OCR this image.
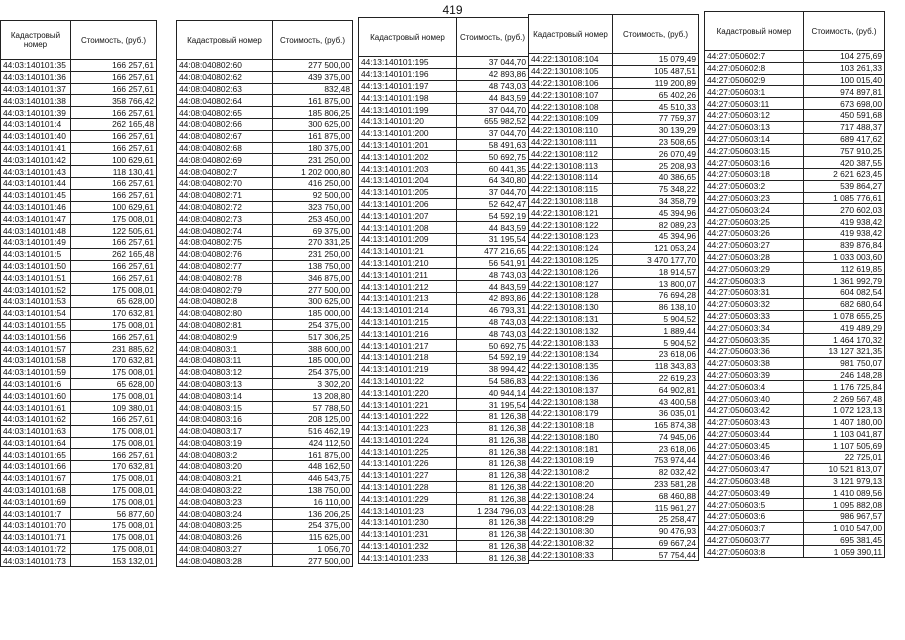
419
Кадастровый номер	Стоимость, (руб.)
44:03:140101:35	166 257,61
44:03:140101:36	166 257,61
44:03:140101:37	166 257,61
44:03:140101:38	358 766,42
44:03:140101:39	166 257,61
44:03:140101:4	262 165,48
44:03:140101:40	166 257,61
44:03:140101:41	166 257,61
44:03:140101:42	100 629,61
44:03:140101:43	118 130,41
44:03:140101:44	166 257,61
44:03:140101:45	166 257,61
44:03:140101:46	100 629,61
44:03:140101:47	175 008,01
44:03:140101:48	122 505,61
44:03:140101:49	166 257,61
44:03:140101:5	262 165,48
44:03:140101:50	166 257,61
44:03:140101:51	166 257,61
44:03:140101:52	175 008,01
44:03:140101:53	65 628,00
44:03:140101:54	170 632,81
44:03:140101:55	175 008,01
44:03:140101:56	166 257,61
44:03:140101:57	231 885,62
44:03:140101:58	170 632,81
44:03:140101:59	175 008,01
44:03:140101:6	65 628,00
44:03:140101:60	175 008,01
44:03:140101:61	109 380,01
44:03:140101:62	166 257,61
44:03:140101:63	175 008,01
44:03:140101:64	175 008,01
44:03:140101:65	166 257,61
44:03:140101:66	170 632,81
44:03:140101:67	175 008,01
44:03:140101:68	175 008,01
44:03:140101:69	175 008,01
44:03:140101:7	56 877,60
44:03:140101:70	175 008,01
44:03:140101:71	175 008,01
44:03:140101:72	175 008,01
44:03:140101:73	153 132,01
Кадастровый номер	Стоимость, (руб.)
44:08:040802:60	277 500,00
44:08:040802:62	439 375,00
44:08:040802:63	832,48
44:08:040802:64	161 875,00
44:08:040802:65	185 806,25
44:08:040802:66	300 625,00
44:08:040802:67	161 875,00
44:08:040802:68	180 375,00
44:08:040802:69	231 250,00
44:08:040802:7	1 202 000,80
44:08:040802:70	416 250,00
44:08:040802:71	92 500,00
44:08:040802:72	323 750,00
44:08:040802:73	253 450,00
44:08:040802:74	69 375,00
44:08:040802:75	270 331,25
44:08:040802:76	231 250,00
44:08:040802:77	138 750,00
44:08:040802:78	346 875,00
44:08:040802:79	277 500,00
44:08:040802:8	300 625,00
44:08:040802:80	185 000,00
44:08:040802:81	254 375,00
44:08:040802:9	517 306,25
44:08:040803:1	388 600,00
44:08:040803:11	185 000,00
44:08:040803:12	254 375,00
44:08:040803:13	3 302,20
44:08:040803:14	13 208,80
44:08:040803:15	57 788,50
44:08:040803:16	208 125,00
44:08:040803:17	516 462,19
44:08:040803:19	424 112,50
44:08:040803:2	161 875,00
44:08:040803:20	448 162,50
44:08:040803:21	446 543,75
44:08:040803:22	138 750,00
44:08:040803:23	16 110,00
44:08:040803:24	136 206,25
44:08:040803:25	254 375,00
44:08:040803:26	115 625,00
44:08:040803:27	1 056,70
44:08:040803:28	277 500,00
Кадастровый номер	Стоимость, (руб.)
44:13:140101:195	37 044,70
44:13:140101:196	42 893,86
44:13:140101:197	48 743,03
44:13:140101:198	44 843,59
44:13:140101:199	37 044,70
44:13:140101:20	655 982,52
44:13:140101:200	37 044,70
44:13:140101:201	58 491,63
44:13:140101:202	50 692,75
44:13:140101:203	60 441,35
44:13:140101:204	64 340,80
44:13:140101:205	37 044,70
44:13:140101:206	52 642,47
44:13:140101:207	54 592,19
44:13:140101:208	44 843,59
44:13:140101:209	31 195,54
44:13:140101:21	477 216,65
44:13:140101:210	56 541,91
44:13:140101:211	48 743,03
44:13:140101:212	44 843,59
44:13:140101:213	42 893,86
44:13:140101:214	46 793,31
44:13:140101:215	48 743,03
44:13:140101:216	48 743,03
44:13:140101:217	50 692,75
44:13:140101:218	54 592,19
44:13:140101:219	38 994,42
44:13:140101:22	54 586,83
44:13:140101:220	40 944,14
44:13:140101:221	31 195,54
44:13:140101:222	81 126,38
44:13:140101:223	81 126,38
44:13:140101:224	81 126,38
44:13:140101:225	81 126,38
44:13:140101:226	81 126,38
44:13:140101:227	81 126,38
44:13:140101:228	81 126,38
44:13:140101:229	81 126,38
44:13:140101:23	1 234 796,03
44:13:140101:230	81 126,38
44:13:140101:231	81 126,38
44:13:140101:232	81 126,38
44:13:140101:233	81 126,38
Кадастровый номер	Стоимость, (руб.)
44:22:130108:104	15 079,49
44:22:130108:105	105 487,51
44:22:130108:106	119 200,89
44:22:130108:107	65 402,26
44:22:130108:108	45 510,33
44:22:130108:109	77 759,37
44:22:130108:110	30 139,29
44:22:130108:111	23 508,65
44:22:130108:112	26 070,49
44:22:130108:113	25 208,93
44:22:130108:114	40 386,65
44:22:130108:115	75 348,22
44:22:130108:118	34 358,79
44:22:130108:121	45 394,96
44:22:130108:122	82 089,23
44:22:130108:123	45 394,96
44:22:130108:124	121 053,24
44:22:130108:125	3 470 177,70
44:22:130108:126	18 914,57
44:22:130108:127	13 800,07
44:22:130108:128	76 694,28
44:22:130108:130	86 138,10
44:22:130108:131	5 904,52
44:22:130108:132	1 889,44
44:22:130108:133	5 904,52
44:22:130108:134	23 618,06
44:22:130108:135	118 343,83
44:22:130108:136	22 619,23
44:22:130108:137	64 902,81
44:22:130108:138	43 400,58
44:22:130108:179	36 035,01
44:22:130108:18	165 874,38
44:22:130108:180	74 945,06
44:22:130108:181	23 618,06
44:22:130108:19	753 974,44
44:22:130108:2	82 032,42
44:22:130108:20	233 581,28
44:22:130108:24	68 460,88
44:22:130108:28	115 961,27
44:22:130108:29	25 258,47
44:22:130108:30	90 476,93
44:22:130108:32	69 667,24
44:22:130108:33	57 754,44
Кадастровый номер	Стоимость, (руб.)
44:27:050602:7	104 275,69
44:27:050602:8	103 261,33
44:27:050602:9	100 015,40
44:27:050603:1	974 897,81
44:27:050603:11	673 698,00
44:27:050603:12	450 591,68
44:27:050603:13	717 488,37
44:27:050603:14	689 417,62
44:27:050603:15	757 910,25
44:27:050603:16	420 387,55
44:27:050603:18	2 621 623,45
44:27:050603:2	539 864,27
44:27:050603:23	1 085 776,61
44:27:050603:24	270 602,03
44:27:050603:25	419 938,42
44:27:050603:26	419 938,42
44:27:050603:27	839 876,84
44:27:050603:28	1 033 003,60
44:27:050603:29	112 619,85
44:27:050603:3	1 361 992,79
44:27:050603:31	604 082,54
44:27:050603:32	682 680,64
44:27:050603:33	1 078 655,25
44:27:050603:34	419 489,29
44:27:050603:35	1 464 170,32
44:27:050603:36	13 127 321,35
44:27:050603:38	981 750,07
44:27:050603:39	246 148,28
44:27:050603:4	1 176 725,84
44:27:050603:40	2 269 567,48
44:27:050603:42	1 072 123,13
44:27:050603:43	1 407 180,00
44:27:050603:44	1 103 041,87
44:27:050603:45	1 107 505,69
44:27:050603:46	22 725,01
44:27:050603:47	10 521 813,07
44:27:050603:48	3 121 979,13
44:27:050603:49	1 410 089,56
44:27:050603:5	1 095 882,08
44:27:050603:6	986 967,57
44:27:050603:7	1 010 547,00
44:27:050603:77	695 381,45
44:27:050603:8	1 059 390,11
